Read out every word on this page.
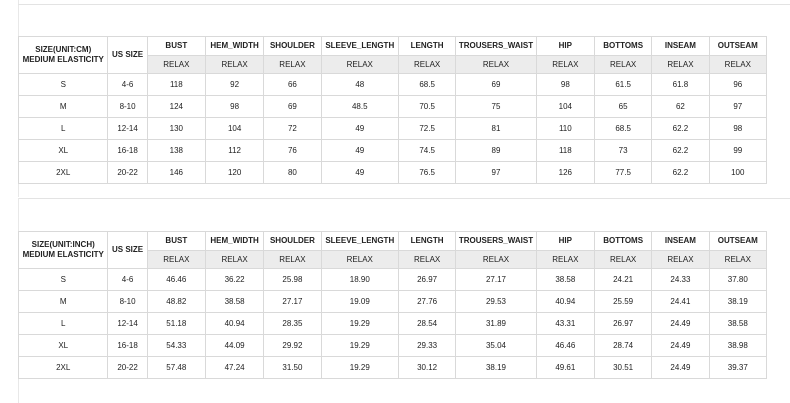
SIZE(UNIT:CM)
MEDIUM ELASTICITY	US SIZE	BUST	HEM_WIDTH	SHOULDER	SLEEVE_LENGTH	LENGTH	TROUSERS_WAIST	HIP	BOTTOMS	INSEAM	OUTSEAM
		RELAX	RELAX	RELAX	RELAX	RELAX	RELAX	RELAX	RELAX	RELAX	RELAX
S	4-6	118	92	66	48	68.5	69	98	61.5	61.8	96
M	8-10	124	98	69	48.5	70.5	75	104	65	62	97
L	12-14	130	104	72	49	72.5	81	110	68.5	62.2	98
XL	16-18	138	112	76	49	74.5	89	118	73	62.2	99
2XL	20-22	146	120	80	49	76.5	97	126	77.5	62.2	100
SIZE(UNIT:INCH)
MEDIUM ELASTICITY	US SIZE	BUST	HEM_WIDTH	SHOULDER	SLEEVE_LENGTH	LENGTH	TROUSERS_WAIST	HIP	BOTTOMS	INSEAM	OUTSEAM
		RELAX	RELAX	RELAX	RELAX	RELAX	RELAX	RELAX	RELAX	RELAX	RELAX
S	4-6	46.46	36.22	25.98	18.90	26.97	27.17	38.58	24.21	24.33	37.80
M	8-10	48.82	38.58	27.17	19.09	27.76	29.53	40.94	25.59	24.41	38.19
L	12-14	51.18	40.94	28.35	19.29	28.54	31.89	43.31	26.97	24.49	38.58
XL	16-18	54.33	44.09	29.92	19.29	29.33	35.04	46.46	28.74	24.49	38.98
2XL	20-22	57.48	47.24	31.50	19.29	30.12	38.19	49.61	30.51	24.49	39.37
